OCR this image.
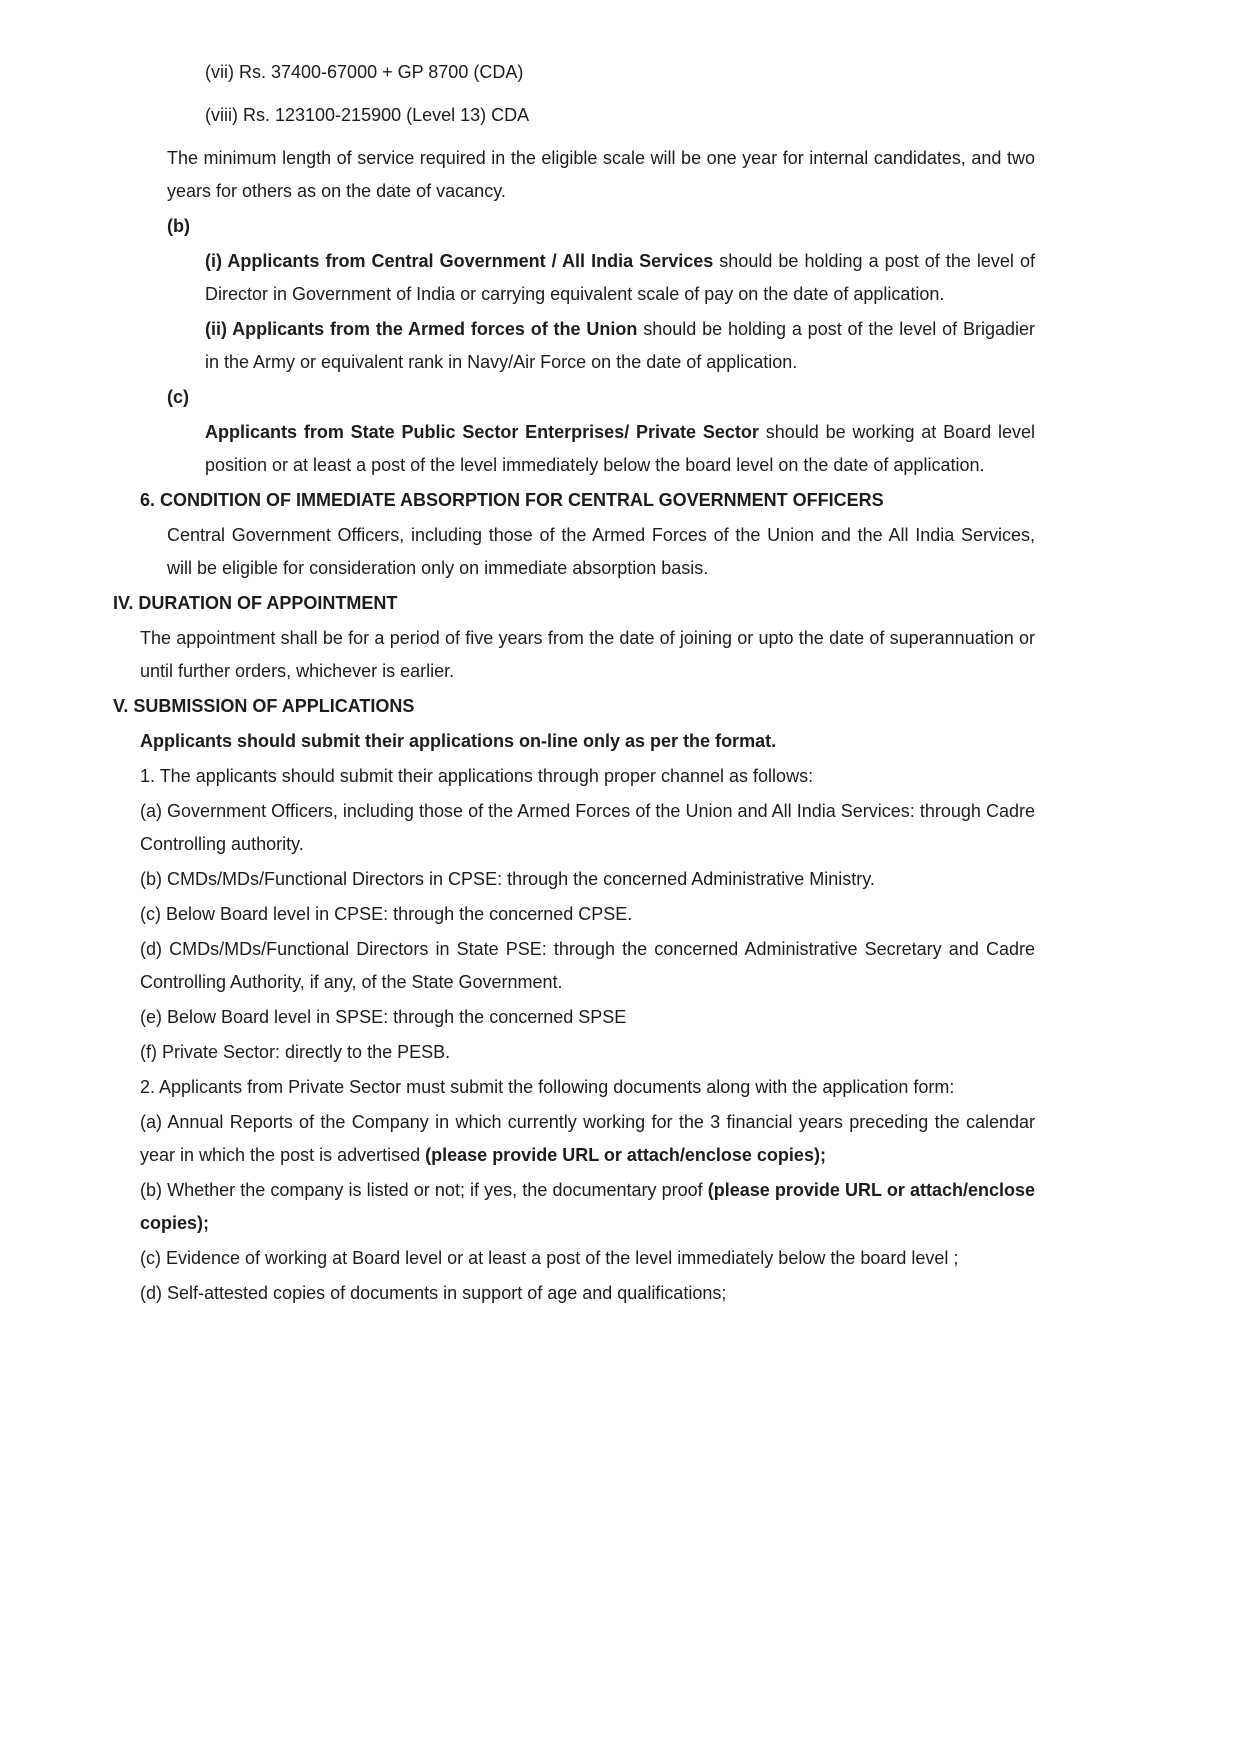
(vii) Rs. 37400-67000 + GP 8700 (CDA)

(viii) Rs. 123100-215900 (Level 13) CDA

The minimum length of service required in the eligible scale will be one year for internal candidates, and two years for others as on the date of vacancy.

(b)

(i) Applicants from Central Government / All India Services should be holding a post of the level of Director in Government of India or carrying equivalent scale of pay on the date of application.

(ii) Applicants from the Armed forces of the Union should be holding a post of the level of Brigadier in the Army or equivalent rank in Navy/Air Force on the date of application.

(c)

Applicants from State Public Sector Enterprises/ Private Sector should be working at Board level position or at least a post of the level immediately below the board level on the date of application.

6. CONDITION OF IMMEDIATE ABSORPTION FOR CENTRAL GOVERNMENT OFFICERS

Central Government Officers, including those of the Armed Forces of the Union and the All India Services, will be eligible for consideration only on immediate absorption basis.

IV. DURATION OF APPOINTMENT

The appointment shall be for a period of five years from the date of joining or upto the date of superannuation or until further orders, whichever is earlier.

V. SUBMISSION OF APPLICATIONS

Applicants should submit their applications on-line only as per the format.

1. The applicants should submit their applications through proper channel as follows:

(a) Government Officers, including those of the Armed Forces of the Union and All India Services: through Cadre Controlling authority.

(b) CMDs/MDs/Functional Directors in CPSE: through the concerned Administrative Ministry.

(c) Below Board level in CPSE: through the concerned CPSE.

(d) CMDs/MDs/Functional Directors in State PSE: through the concerned Administrative Secretary and Cadre Controlling Authority, if any, of the State Government.

(e) Below Board level in SPSE: through the concerned SPSE

(f) Private Sector: directly to the PESB.

2. Applicants from Private Sector must submit the following documents along with the application form:

(a) Annual Reports of the Company in which currently working for the 3 financial years preceding the calendar year in which the post is advertised (please provide URL or attach/enclose copies);

(b) Whether the company is listed or not; if yes, the documentary proof (please provide URL or attach/enclose copies);

(c) Evidence of working at Board level or at least a post of the level immediately below the board level ;

(d) Self-attested copies of documents in support of age and qualifications;
